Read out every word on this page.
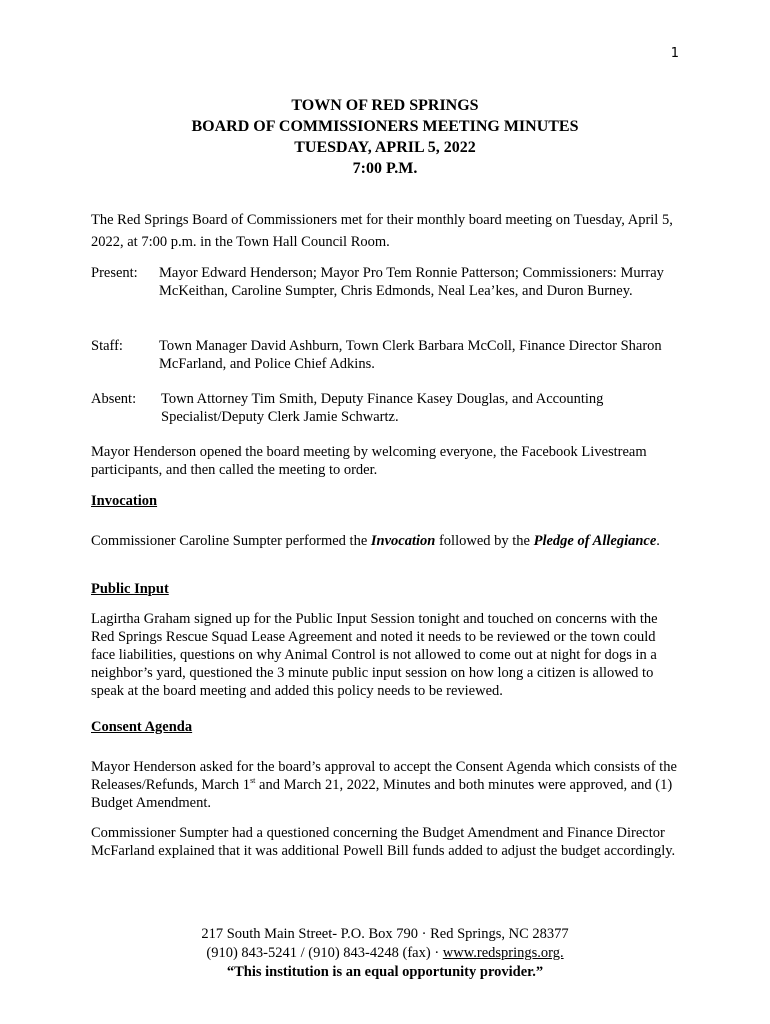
1
TOWN OF RED SPRINGS
BOARD OF COMMISSIONERS MEETING MINUTES
TUESDAY, APRIL 5, 2022
7:00 P.M.
The Red Springs Board of Commissioners met for their monthly board meeting on Tuesday, April 5, 2022, at 7:00 p.m. in the Town Hall Council Room.
Present:	Mayor Edward Henderson; Mayor Pro Tem Ronnie Patterson; Commissioners: Murray McKeithan, Caroline Sumpter, Chris Edmonds, Neal Lea’kes, and Duron Burney.
Staff:	Town Manager David Ashburn, Town Clerk Barbara McColl, Finance Director Sharon McFarland, and Police Chief Adkins.
Absent:	Town Attorney Tim Smith, Deputy Finance Kasey Douglas, and Accounting Specialist/Deputy Clerk Jamie Schwartz.
Mayor Henderson opened the board meeting by welcoming everyone, the Facebook Livestream participants, and then called the meeting to order.
Invocation
Commissioner Caroline Sumpter performed the Invocation followed by the Pledge of Allegiance.
Public Input
Lagirtha Graham signed up for the Public Input Session tonight and touched on concerns with the Red Springs Rescue Squad Lease Agreement and noted it needs to be reviewed or the town could face liabilities, questions on why Animal Control is not allowed to come out at night for dogs in a neighbor’s yard, questioned the 3 minute public input session on how long a citizen is allowed to speak at the board meeting and added this policy needs to be reviewed.
Consent Agenda
Mayor Henderson asked for the board’s approval to accept the Consent Agenda which consists of the Releases/Refunds, March 1st and March 21, 2022, Minutes and both minutes were approved, and (1) Budget Amendment.
Commissioner Sumpter had a questioned concerning the Budget Amendment and Finance Director McFarland explained that it was additional Powell Bill funds added to adjust the budget accordingly.
217 South Main Street- P.O. Box 790 · Red Springs, NC 28377
(910) 843-5241 / (910) 843-4248 (fax) · www.redsprings.org.
“This institution is an equal opportunity provider.”
